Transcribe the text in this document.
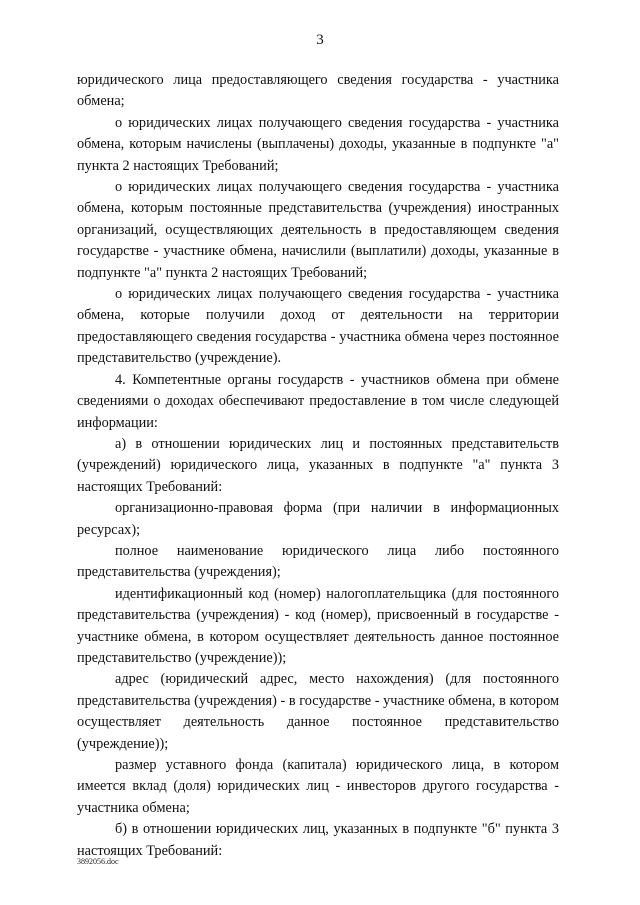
3

юридического лица предоставляющего сведения государства - участника обмена;

о юридических лицах получающего сведения государства - участника обмена, которым начислены (выплачены) доходы, указанные в подпункте "а" пункта 2 настоящих Требований;

о юридических лицах получающего сведения государства - участника обмена, которым постоянные представительства (учреждения) иностранных организаций, осуществляющих деятельность в предоставляющем сведения государстве - участнике обмена, начислили (выплатили) доходы, указанные в подпункте "а" пункта 2 настоящих Требований;

о юридических лицах получающего сведения государства - участника обмена, которые получили доход от деятельности на территории предоставляющего сведения государства - участника обмена через постоянное представительство (учреждение).

4. Компетентные органы государств - участников обмена при обмене сведениями о доходах обеспечивают предоставление в том числе следующей информации:

а) в отношении юридических лиц и постоянных представительств (учреждений) юридического лица, указанных в подпункте "а" пункта 3 настоящих Требований:

организационно-правовая форма (при наличии в информационных ресурсах);

полное наименование юридического лица либо постоянного представительства (учреждения);

идентификационный код (номер) налогоплательщика (для постоянного представительства (учреждения) - код (номер), присвоенный в государстве - участнике обмена, в котором осуществляет деятельность данное постоянное представительство (учреждение));

адрес (юридический адрес, место нахождения) (для постоянного представительства (учреждения) - в государстве - участнике обмена, в котором осуществляет деятельность данное постоянное представительство (учреждение));

размер уставного фонда (капитала) юридического лица, в котором имеется вклад (доля) юридических лиц - инвесторов другого государства - участника обмена;

б) в отношении юридических лиц, указанных в подпункте "б" пункта 3 настоящих Требований:

3892056.doc
